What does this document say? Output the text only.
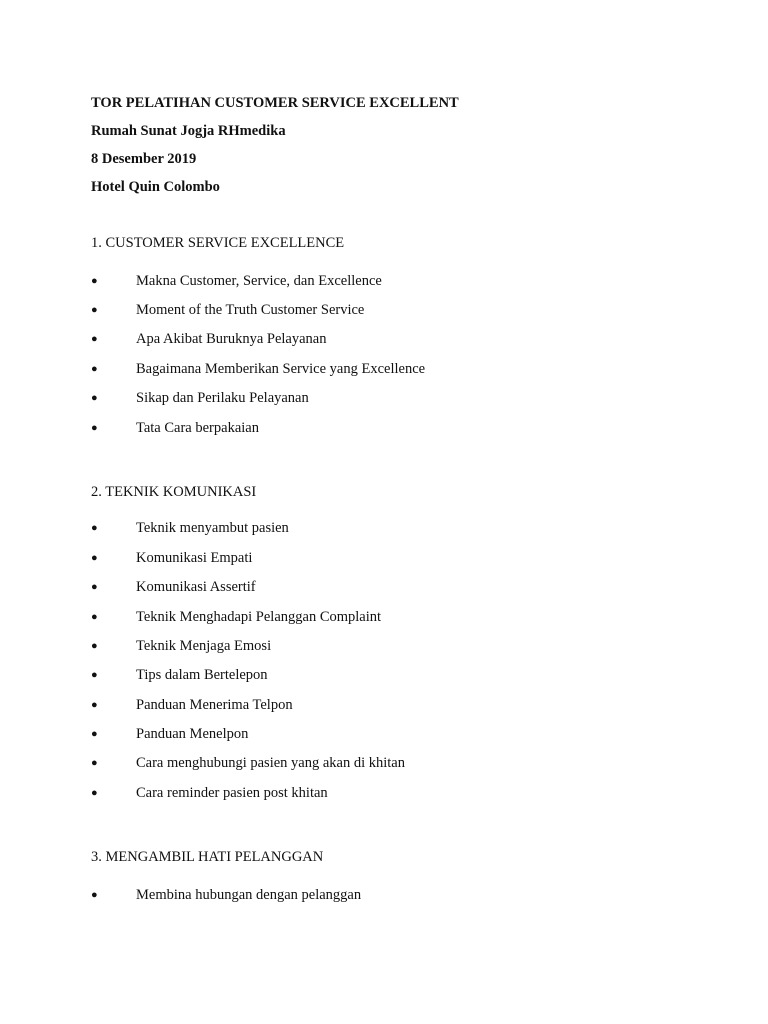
TOR PELATIHAN CUSTOMER SERVICE EXCELLENT
Rumah Sunat Jogja RHmedika
8 Desember 2019
Hotel Quin Colombo
1. CUSTOMER SERVICE EXCELLENCE
●	Makna Customer, Service, dan Excellence
●	Moment of the Truth Customer Service
●	Apa Akibat Buruknya Pelayanan
●	Bagaimana Memberikan Service yang Excellence
●	Sikap dan Perilaku Pelayanan
●	Tata Cara berpakaian
2. TEKNIK KOMUNIKASI
●	Teknik menyambut pasien
●	Komunikasi Empati
●	Komunikasi Assertif
●	Teknik Menghadapi Pelanggan Complaint
●	Teknik Menjaga Emosi
●	Tips dalam Bertelepon
●	Panduan Menerima Telpon
●	Panduan Menelpon
●	Cara menghubungi pasien yang akan di khitan
●	Cara reminder pasien post khitan
3. MENGAMBIL HATI PELANGGAN
●	Membina hubungan dengan pelanggan
